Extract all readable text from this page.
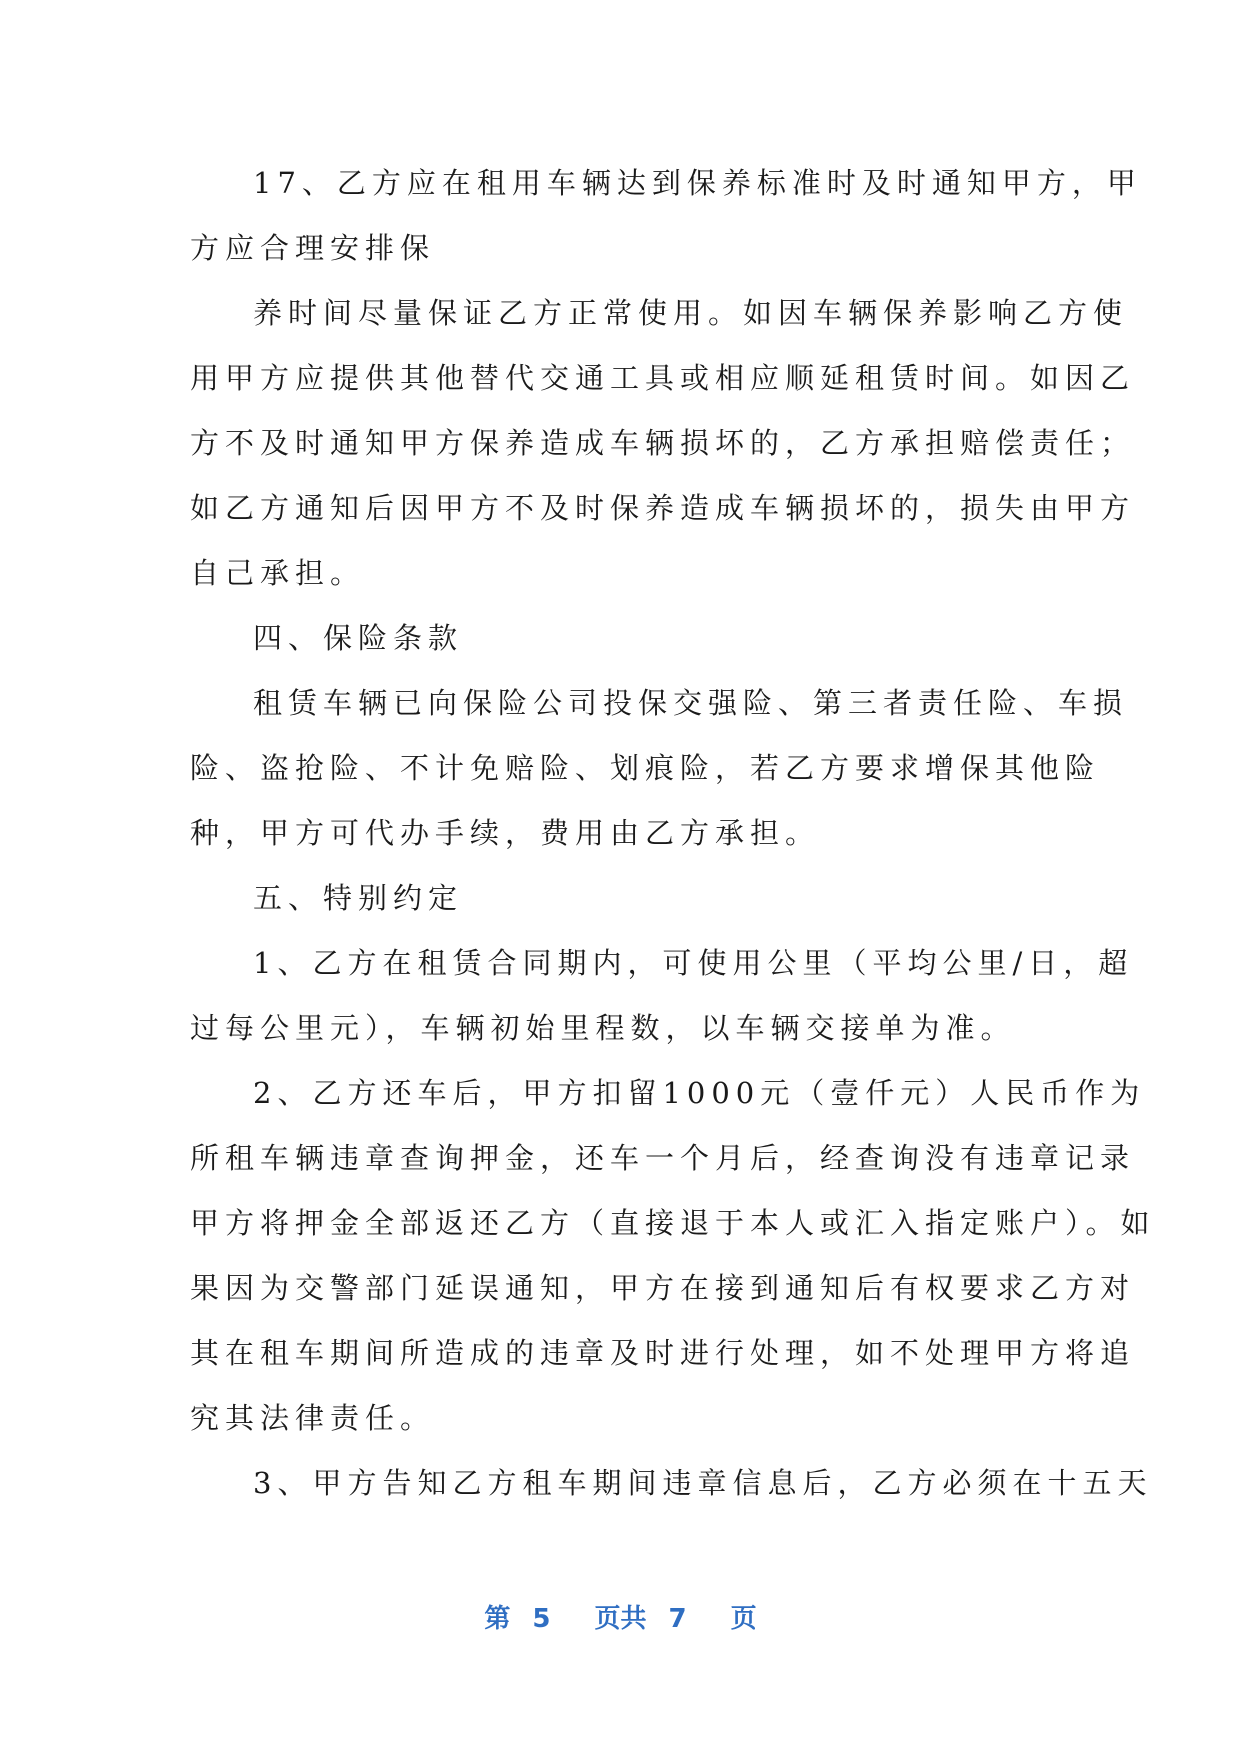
17、乙方应在租用车辆达到保养标准时及时通知甲方，甲
方应合理安排保
养时间尽量保证乙方正常使用。如因车辆保养影响乙方使
用甲方应提供其他替代交通工具或相应顺延租赁时间。如因乙
方不及时通知甲方保养造成车辆损坏的，乙方承担赔偿责任；
如乙方通知后因甲方不及时保养造成车辆损坏的，损失由甲方
自己承担。
四、保险条款
租赁车辆已向保险公司投保交强险、第三者责任险、车损
险、盗抢险、不计免赔险、划痕险，若乙方要求增保其他险
种，甲方可代办手续，费用由乙方承担。
五、特别约定
1、乙方在租赁合同期内，可使用公里（平均公里/日，超
过每公里元），车辆初始里程数，以车辆交接单为准。
2、乙方还车后，甲方扣留1000元（壹仟元）人民币作为
所租车辆违章查询押金，还车一个月后，经查询没有违章记录
甲方将押金全部返还乙方（直接退于本人或汇入指定账户）。如
果因为交警部门延误通知，甲方在接到通知后有权要求乙方对
其在租车期间所造成的违章及时进行处理，如不处理甲方将追
究其法律责任。
3、甲方告知乙方租车期间违章信息后，乙方必须在十五天
第 5 页共 7 页
